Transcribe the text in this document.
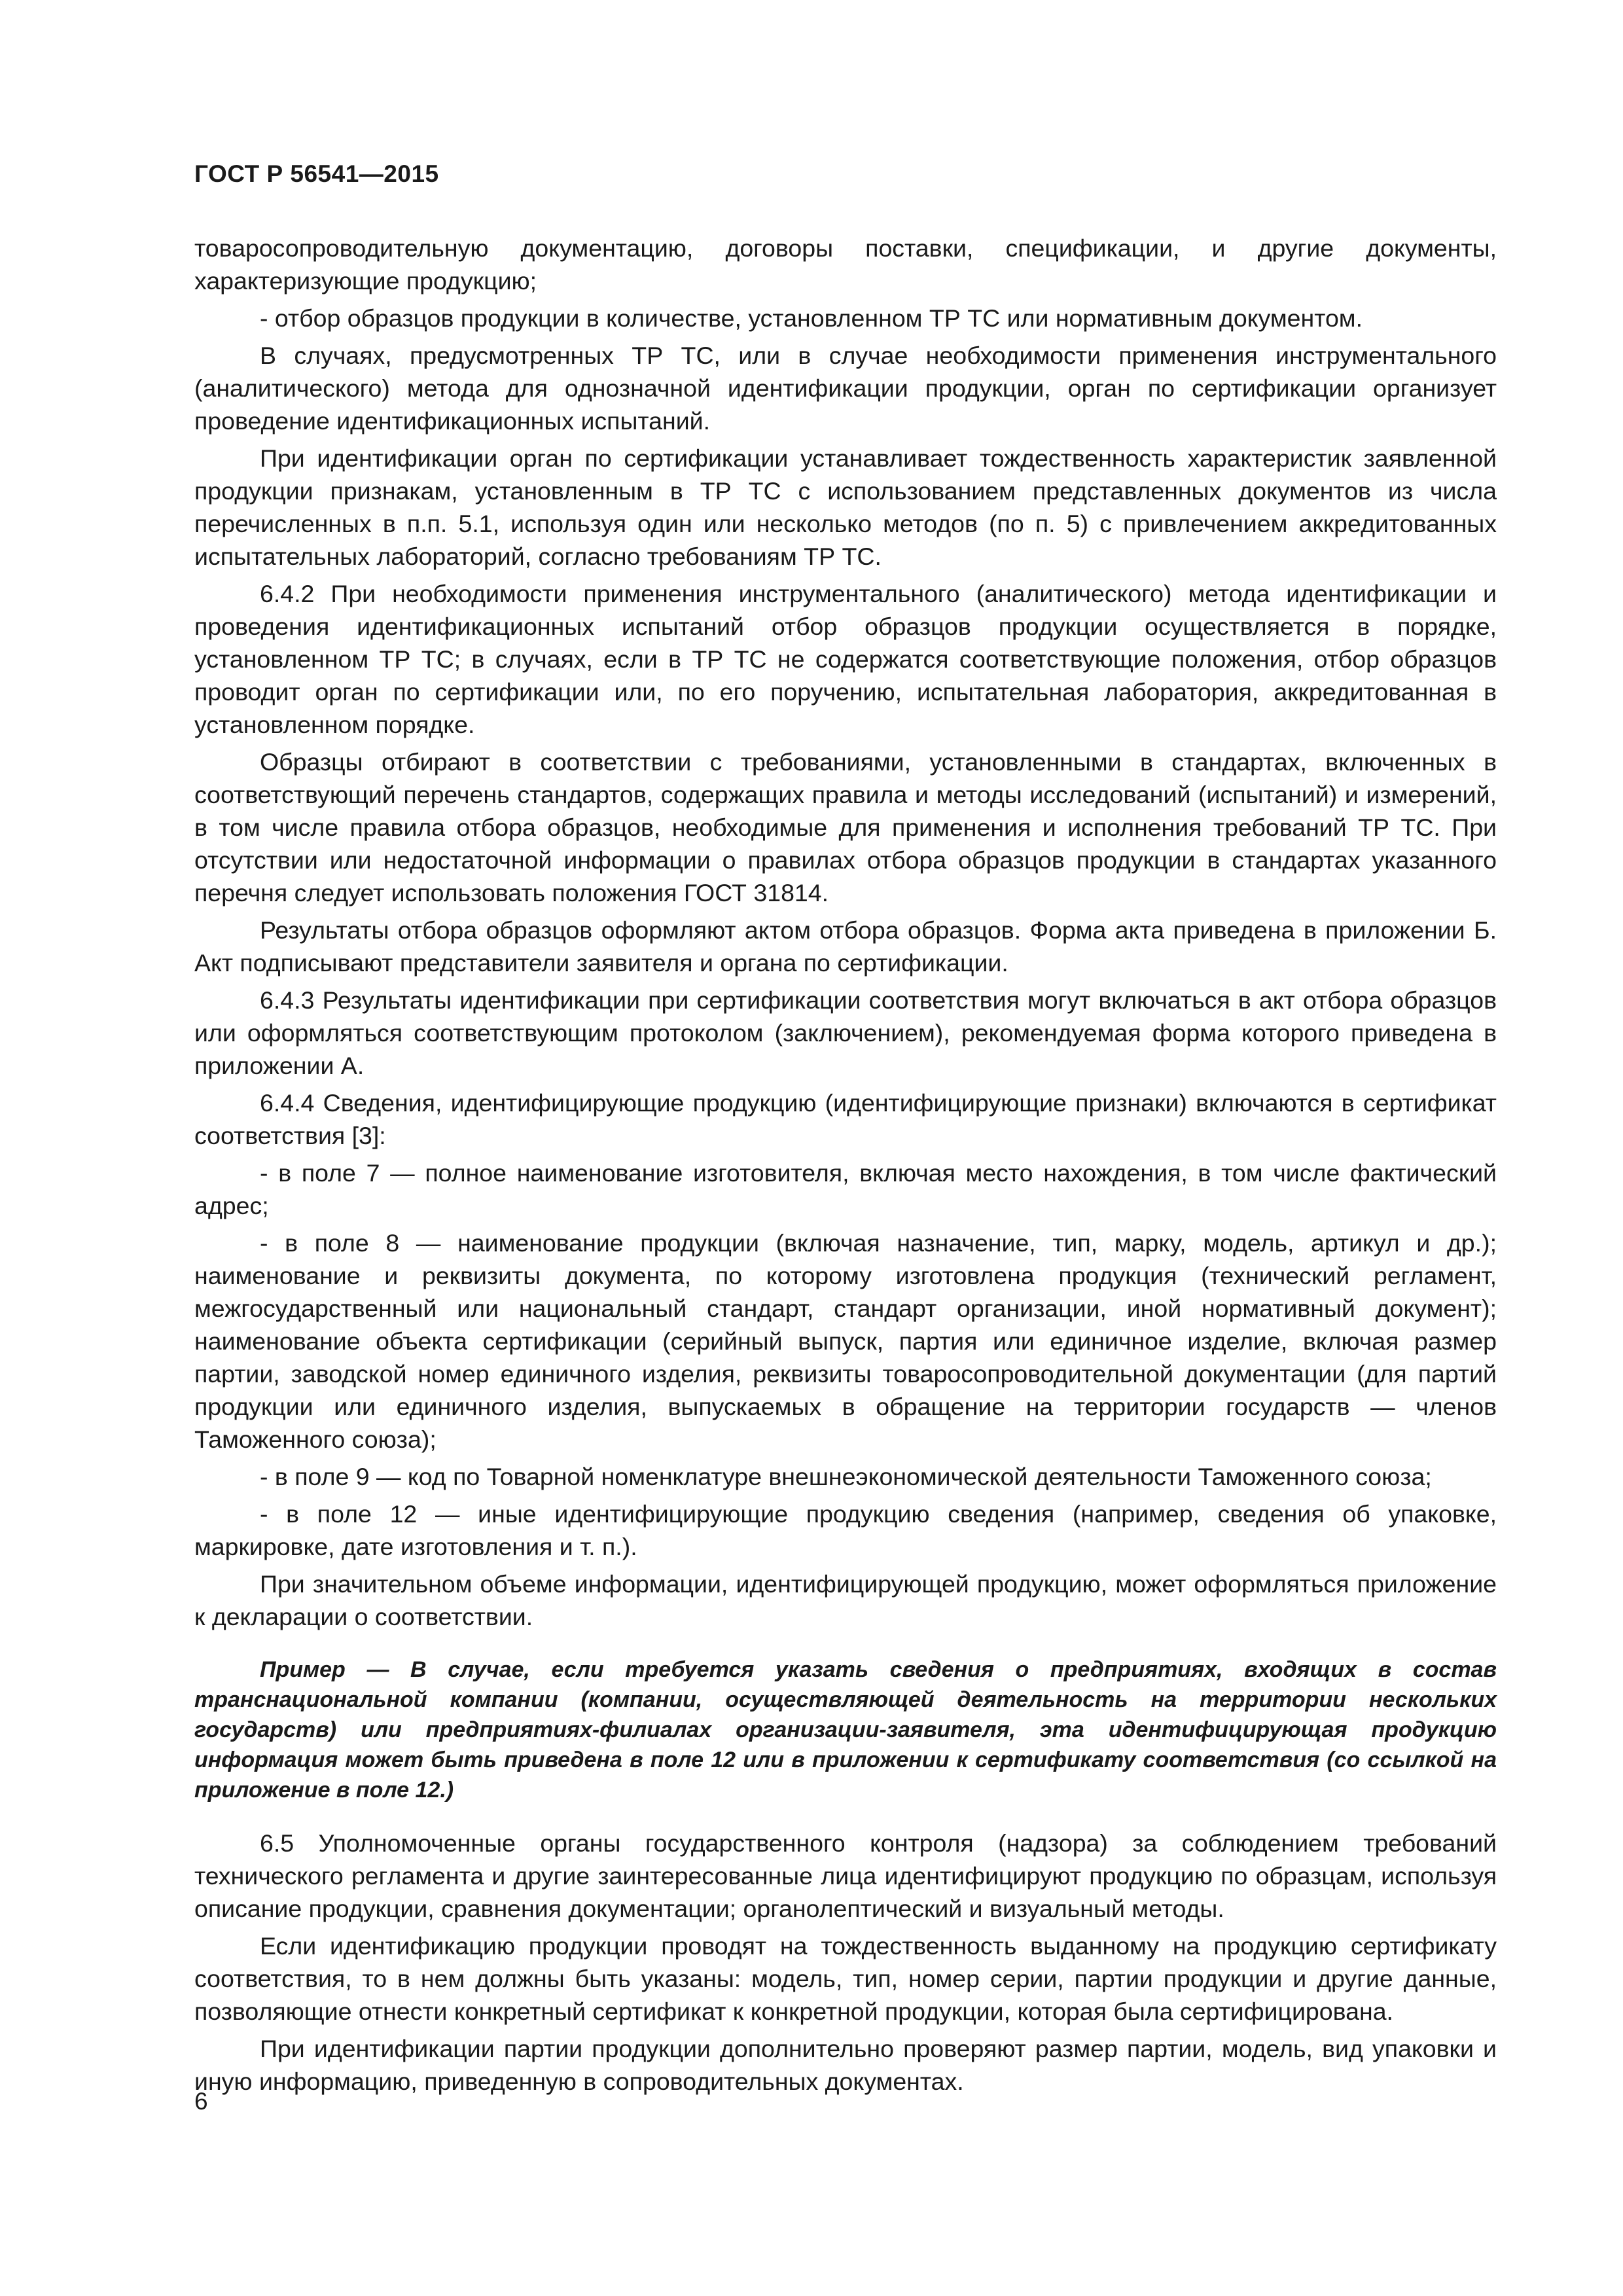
ГОСТ Р 56541—2015

товаросопроводительную документацию, договоры поставки, спецификации, и другие документы, характеризующие продукцию;

- отбор образцов продукции в количестве, установленном ТР ТС или нормативным документом.

В случаях, предусмотренных ТР ТС, или в случае необходимости применения инструментального (аналитического) метода для однозначной идентификации продукции, орган по сертификации организует проведение идентификационных испытаний.

При идентификации орган по сертификации устанавливает тождественность характеристик заявленной продукции признакам, установленным в ТР ТС с использованием представленных документов из числа перечисленных в п.п. 5.1, используя один или несколько методов (по п. 5) с привлечением аккредитованных испытательных лабораторий, согласно требованиям ТР ТС.

6.4.2 При необходимости применения инструментального (аналитического) метода идентификации и проведения идентификационных испытаний отбор образцов продукции осуществляется в порядке, установленном ТР ТС; в случаях, если в ТР ТС не содержатся соответствующие положения, отбор образцов проводит орган по сертификации или, по его поручению, испытательная лаборатория, аккредитованная в установленном порядке.

Образцы отбирают в соответствии с требованиями, установленными в стандартах, включенных в соответствующий перечень стандартов, содержащих правила и методы исследований (испытаний) и измерений, в том числе правила отбора образцов, необходимые для применения и исполнения требований ТР ТС. При отсутствии или недостаточной информации о правилах отбора образцов продукции в стандартах указанного перечня следует использовать положения ГОСТ 31814.

Результаты отбора образцов оформляют актом отбора образцов. Форма акта приведена в приложении Б. Акт подписывают представители заявителя и органа по сертификации.

6.4.3 Результаты идентификации при сертификации соответствия могут включаться в акт отбора образцов или оформляться соответствующим протоколом (заключением), рекомендуемая форма которого приведена в приложении А.

6.4.4 Сведения, идентифицирующие продукцию (идентифицирующие признаки) включаются в сертификат соответствия [3]:

- в поле 7 — полное наименование изготовителя, включая место нахождения, в том числе фактический адрес;

- в поле 8 — наименование продукции (включая назначение, тип, марку, модель, артикул и др.); наименование и реквизиты документа, по которому изготовлена продукция (технический регламент, межгосударственный или национальный стандарт, стандарт организации, иной нормативный документ); наименование объекта сертификации (серийный выпуск, партия или единичное изделие, включая размер партии, заводской номер единичного изделия, реквизиты товаросопроводительной документации (для партий продукции или единичного изделия, выпускаемых в обращение на территории государств — членов Таможенного союза);

- в поле 9 — код по Товарной номенклатуре внешнеэкономической деятельности Таможенного союза;

- в поле 12 — иные идентифицирующие продукцию сведения (например, сведения об упаковке, маркировке, дате изготовления и т. п.).

При значительном объеме информации, идентифицирующей продукцию, может оформляться приложение к декларации о соответствии.

Пример — В случае, если требуется указать сведения о предприятиях, входящих в состав транснациональной компании (компании, осуществляющей деятельность на территории нескольких государств) или предприятиях-филиалах организации-заявителя, эта идентифицирующая продукцию информация может быть приведена в поле 12 или в приложении к сертификату соответствия (со ссылкой на приложение в поле 12.)

6.5 Уполномоченные органы государственного контроля (надзора) за соблюдением требований технического регламента и другие заинтересованные лица идентифицируют продукцию по образцам, используя описание продукции, сравнения документации; органолептический и визуальный методы.

Если идентификацию продукции проводят на тождественность выданному на продукцию сертификату соответствия, то в нем должны быть указаны: модель, тип, номер серии, партии продукции и другие данные, позволяющие отнести конкретный сертификат к конкретной продукции, которая была сертифицирована.

При идентификации партии продукции дополнительно проверяют размер партии, модель, вид упаковки и иную информацию, приведенную в сопроводительных документах.

6
